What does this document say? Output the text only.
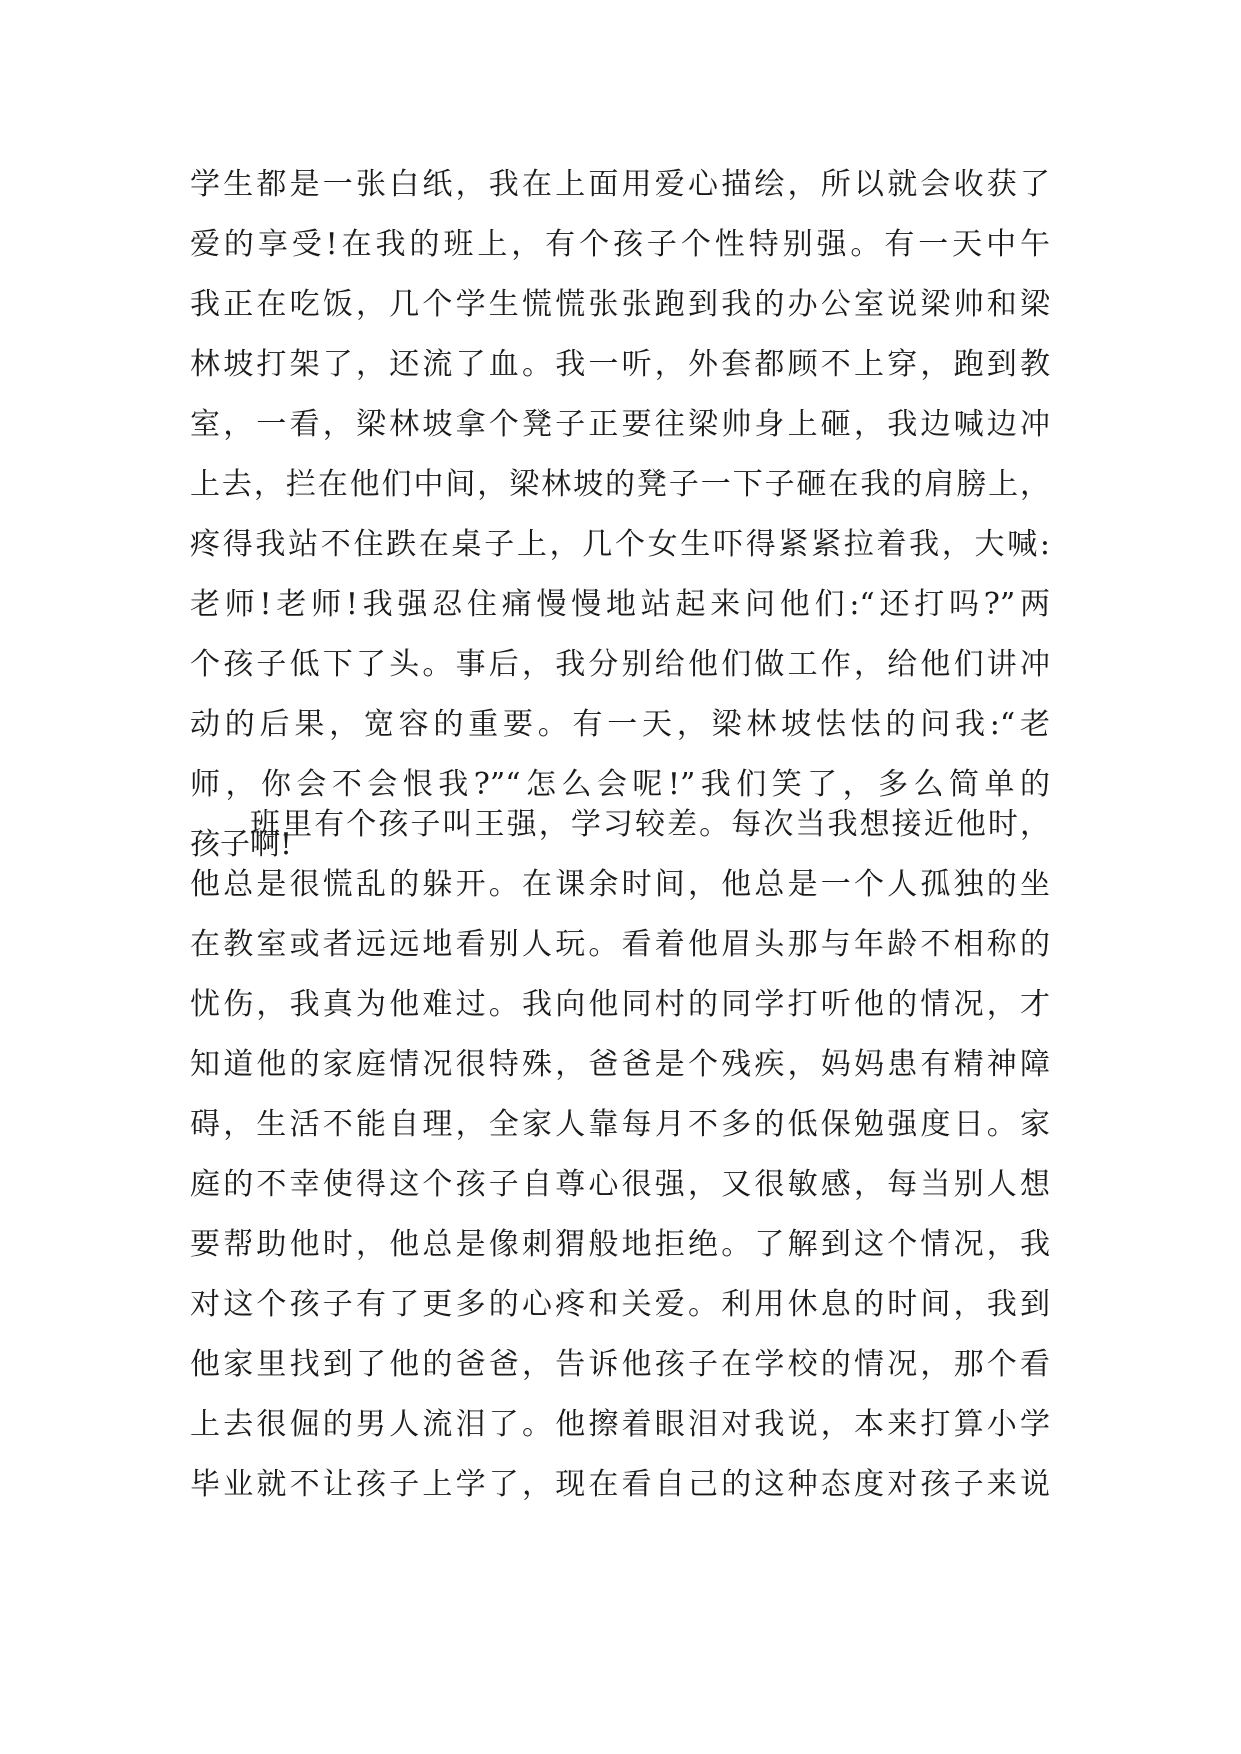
学生都是一张白纸，我在上面用爱心描绘，所以就会收获了
爱的享受!在我的班上，有个孩子个性特别强。有一天中午
我正在吃饭，几个学生慌慌张张跑到我的办公室说梁帅和梁
林坡打架了，还流了血。我一听，外套都顾不上穿，跑到教
室，一看，梁林坡拿个凳子正要往梁帅身上砸，我边喊边冲
上去，拦在他们中间，梁林坡的凳子一下子砸在我的肩膀上，
疼得我站不住跌在桌子上，几个女生吓得紧紧拉着我，大喊:
老师!老师!我强忍住痛慢慢地站起来问他们:“还打吗?”两
个孩子低下了头。事后，我分别给他们做工作，给他们讲冲
动的后果，宽容的重要。有一天，梁林坡怯怯的问我:“老
师，你会不会恨我?”“怎么会呢!”我们笑了，多么简单的
孩子啊!
班里有个孩子叫王强，学习较差。每次当我想接近他时，
他总是很慌乱的躲开。在课余时间，他总是一个人孤独的坐
在教室或者远远地看别人玩。看着他眉头那与年龄不相称的
忧伤，我真为他难过。我向他同村的同学打听他的情况，才
知道他的家庭情况很特殊，爸爸是个残疾，妈妈患有精神障
碍，生活不能自理，全家人靠每月不多的低保勉强度日。家
庭的不幸使得这个孩子自尊心很强，又很敏感，每当别人想
要帮助他时，他总是像刺猬般地拒绝。了解到这个情况，我
对这个孩子有了更多的心疼和关爱。利用休息的时间，我到
他家里找到了他的爸爸，告诉他孩子在学校的情况，那个看
上去很倔的男人流泪了。他擦着眼泪对我说，本来打算小学
毕业就不让孩子上学了，现在看自己的这种态度对孩子来说
